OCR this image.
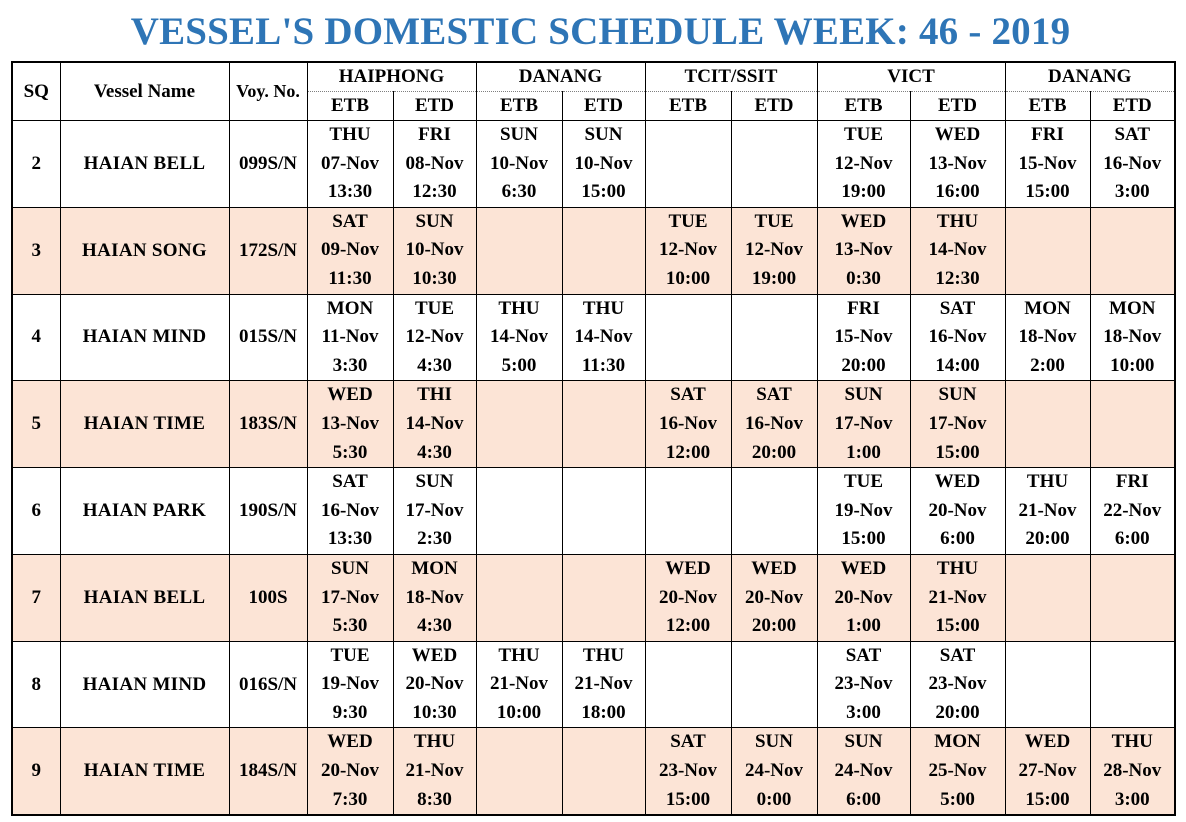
VESSEL'S DOMESTIC SCHEDULE WEEK: 46 - 2019
SQ	Vessel Name	Voy. No.	HAIPHONG		DANANG		TCIT/SSIT		VICT		DANANG	
			ETB	ETD	ETB	ETD	ETB	ETD	ETB	ETD	ETB	ETD
2	HAIAN BELL	099S/N	THU
07-Nov
13:30	FRI
08-Nov
12:30	SUN
10-Nov
6:30	SUN
10-Nov
15:00			TUE
12-Nov
19:00	WED
13-Nov
16:00	FRI
15-Nov
15:00	SAT
16-Nov
3:00

3	HAIAN SONG	172S/N	SAT
09-Nov
11:30	SUN
10-Nov
10:30			TUE
12-Nov
10:00	TUE
12-Nov
19:00	WED
13-Nov
0:30	THU
14-Nov
12:30		

4	HAIAN MIND	015S/N	MON
11-Nov
3:30	TUE
12-Nov
4:30	THU
14-Nov
5:00	THU
14-Nov
11:30			FRI
15-Nov
20:00	SAT
16-Nov
14:00	MON
18-Nov
2:00	MON
18-Nov
10:00

5	HAIAN TIME	183S/N	WED
13-Nov
5:30	THI
14-Nov
4:30			SAT
16-Nov
12:00	SAT
16-Nov
20:00	SUN
17-Nov
1:00	SUN
17-Nov
15:00		

6	HAIAN PARK	190S/N	SAT
16-Nov
13:30	SUN
17-Nov
2:30					TUE
19-Nov
15:00	WED
20-Nov
6:00	THU
21-Nov
20:00	FRI
22-Nov
6:00

7	HAIAN BELL	100S	SUN
17-Nov
5:30	MON
18-Nov
4:30			WED
20-Nov
12:00	WED
20-Nov
20:00	WED
20-Nov
1:00	THU
21-Nov
15:00		

8	HAIAN MIND	016S/N	TUE
19-Nov
9:30	WED
20-Nov
10:30	THU
21-Nov
10:00	THU
21-Nov
18:00			SAT
23-Nov
3:00	SAT
23-Nov
20:00		

9	HAIAN TIME	184S/N	WED
20-Nov
7:30	THU
21-Nov
8:30			SAT
23-Nov
15:00	SUN
24-Nov
0:00	SUN
24-Nov
6:00	MON
25-Nov
5:00	WED
27-Nov
15:00	THU
28-Nov
3:00
